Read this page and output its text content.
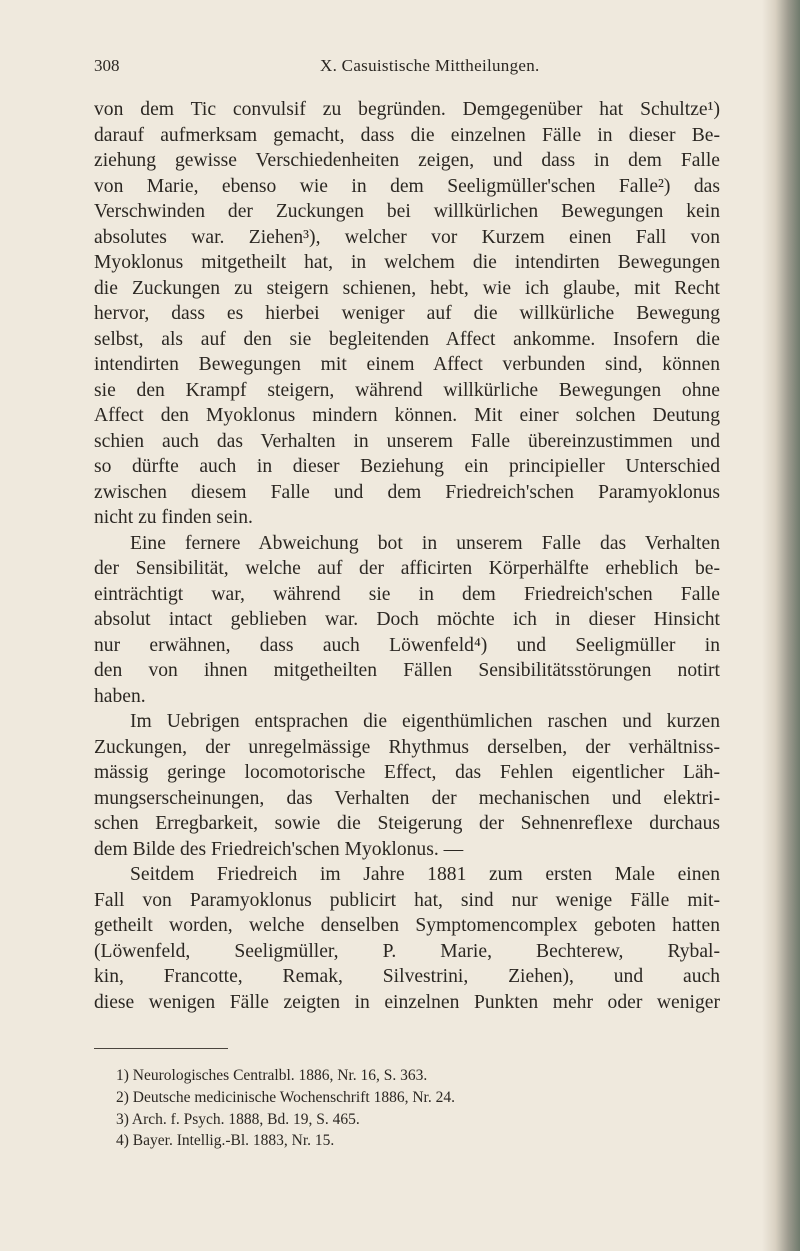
308	X. Casuistische Mittheilungen.
von dem Tic convulsif zu begründen. Demgegenüber hat Schultze¹)
darauf aufmerksam gemacht, dass die einzelnen Fälle in dieser Be-
ziehung gewisse Verschiedenheiten zeigen, und dass in dem Falle
von Marie, ebenso wie in dem Seeligmüller'schen Falle²) das
Verschwinden der Zuckungen bei willkürlichen Bewegungen kein
absolutes war. Ziehen³), welcher vor Kurzem einen Fall von
Myoklonus mitgetheilt hat, in welchem die intendirten Bewegungen
die Zuckungen zu steigern schienen, hebt, wie ich glaube, mit Recht
hervor, dass es hierbei weniger auf die willkürliche Bewegung
selbst, als auf den sie begleitenden Affect ankomme. Insofern die
intendirten Bewegungen mit einem Affect verbunden sind, können
sie den Krampf steigern, während willkürliche Bewegungen ohne
Affect den Myoklonus mindern können. Mit einer solchen Deutung
schien auch das Verhalten in unserem Falle übereinzustimmen und
so dürfte auch in dieser Beziehung ein principieller Unterschied
zwischen diesem Falle und dem Friedreich'schen Paramyoklonus
nicht zu finden sein.
Eine fernere Abweichung bot in unserem Falle das Verhalten
der Sensibilität, welche auf der afficirten Körperhälfte erheblich be-
einträchtigt war, während sie in dem Friedreich'schen Falle
absolut intact geblieben war. Doch möchte ich in dieser Hinsicht
nur erwähnen, dass auch Löwenfeld⁴) und Seeligmüller in
den von ihnen mitgetheilten Fällen Sensibilitätsstörungen notirt
haben.
Im Uebrigen entsprachen die eigenthümlichen raschen und kurzen
Zuckungen, der unregelmässige Rhythmus derselben, der verhältniss-
mässig geringe locomotorische Effect, das Fehlen eigentlicher Läh-
mungserscheinungen, das Verhalten der mechanischen und elektri-
schen Erregbarkeit, sowie die Steigerung der Sehnenreflexe durchaus
dem Bilde des Friedreich'schen Myoklonus. —
Seitdem Friedreich im Jahre 1881 zum ersten Male einen
Fall von Paramyoklonus publicirt hat, sind nur wenige Fälle mit-
getheilt worden, welche denselben Symptomencomplex geboten hatten
(Löwenfeld, Seeligmüller, P. Marie, Bechterew, Rybal-
kin, Francotte, Remak, Silvestrini, Ziehen), und auch
diese wenigen Fälle zeigten in einzelnen Punkten mehr oder weniger
1) Neurologisches Centralbl. 1886, Nr. 16, S. 363.
2) Deutsche medicinische Wochenschrift 1886, Nr. 24.
3) Arch. f. Psych. 1888, Bd. 19, S. 465.
4) Bayer. Intellig.-Bl. 1883, Nr. 15.
